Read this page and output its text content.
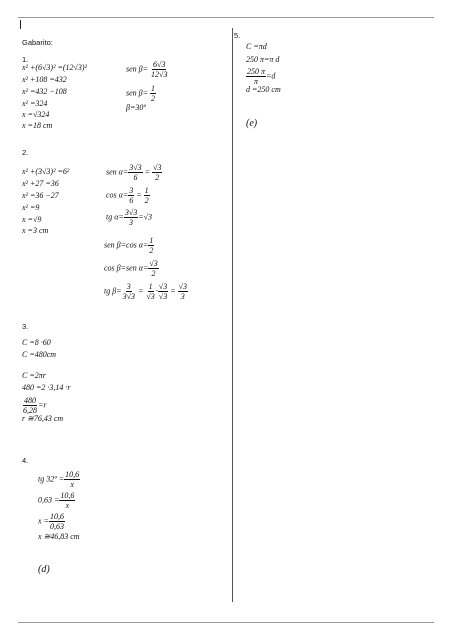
Gabarito:
1.
x² +(6√3)² =(12√3)²
x² +108 =432
x² =432 −108
x² =324
x =√324
x =18 cm
sen $\beta= \frac{6√3}{12√3}$
sen $\beta= \frac{1}{2}$
β=30º
2.
x² +(3√3)² =6²
x² +27 =36
x² =36 −27
x² =9
x =√9
x =3 cm
sen $\alpha= \frac{3√3}{6} = \frac{√3}{2}$
$\cos \alpha= \frac{3}{6} = \frac{1}{2}$
tg $\alpha= \frac{3√3}{3} =√3$
sen β=cos $\alpha= \frac{1}{2}$
cos β=sen $\alpha= \frac{√3}{2}$
tg $\beta= \frac{3}{3√3} = \frac{1}{√3} \cdot \frac{√3}{√3} = \frac{√3}{3}$
3.
C =8 ·60
C =480cm
C =2πr
480 =2 ·3,14 ·r
$\frac{480}{6,28} =r$
r ≅76,43 cm
4.
tg 32º = $\frac{10,6}{x}$
$0,63 = \frac{10,6}{x}$
$x = \frac{10,6}{0,63}$
x ≅46,83 cm
(d)
5.
C =πd
250 π=π d
$\frac{250 \pi}{\pi} =d$
d =250 cm
(e)
